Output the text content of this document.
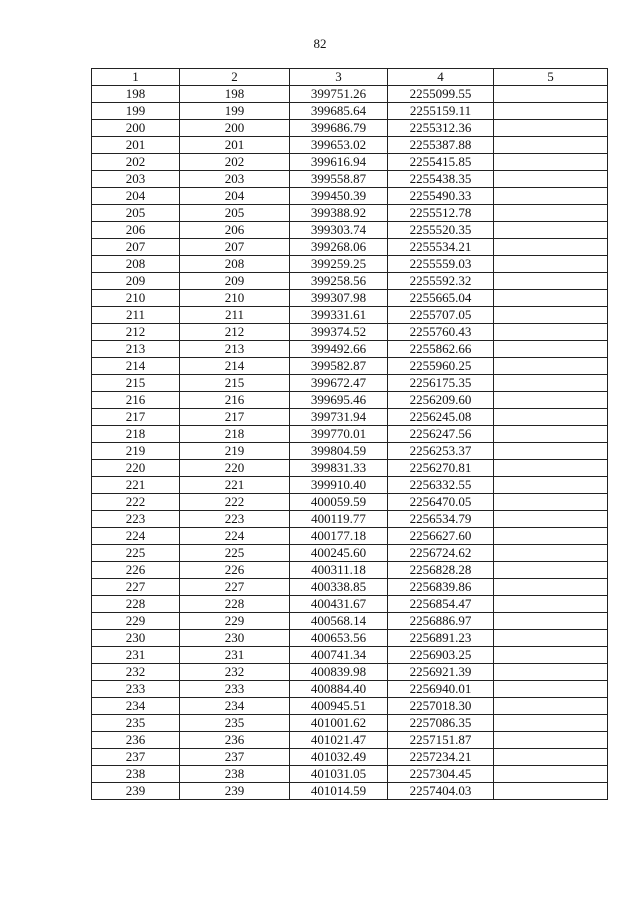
82
1	2	3	4	5
198	198	399751.26	2255099.55	
199	199	399685.64	2255159.11	
200	200	399686.79	2255312.36	
201	201	399653.02	2255387.88	
202	202	399616.94	2255415.85	
203	203	399558.87	2255438.35	
204	204	399450.39	2255490.33	
205	205	399388.92	2255512.78	
206	206	399303.74	2255520.35	
207	207	399268.06	2255534.21	
208	208	399259.25	2255559.03	
209	209	399258.56	2255592.32	
210	210	399307.98	2255665.04	
211	211	399331.61	2255707.05	
212	212	399374.52	2255760.43	
213	213	399492.66	2255862.66	
214	214	399582.87	2255960.25	
215	215	399672.47	2256175.35	
216	216	399695.46	2256209.60	
217	217	399731.94	2256245.08	
218	218	399770.01	2256247.56	
219	219	399804.59	2256253.37	
220	220	399831.33	2256270.81	
221	221	399910.40	2256332.55	
222	222	400059.59	2256470.05	
223	223	400119.77	2256534.79	
224	224	400177.18	2256627.60	
225	225	400245.60	2256724.62	
226	226	400311.18	2256828.28	
227	227	400338.85	2256839.86	
228	228	400431.67	2256854.47	
229	229	400568.14	2256886.97	
230	230	400653.56	2256891.23	
231	231	400741.34	2256903.25	
232	232	400839.98	2256921.39	
233	233	400884.40	2256940.01	
234	234	400945.51	2257018.30	
235	235	401001.62	2257086.35	
236	236	401021.47	2257151.87	
237	237	401032.49	2257234.21	
238	238	401031.05	2257304.45	
239	239	401014.59	2257404.03	
